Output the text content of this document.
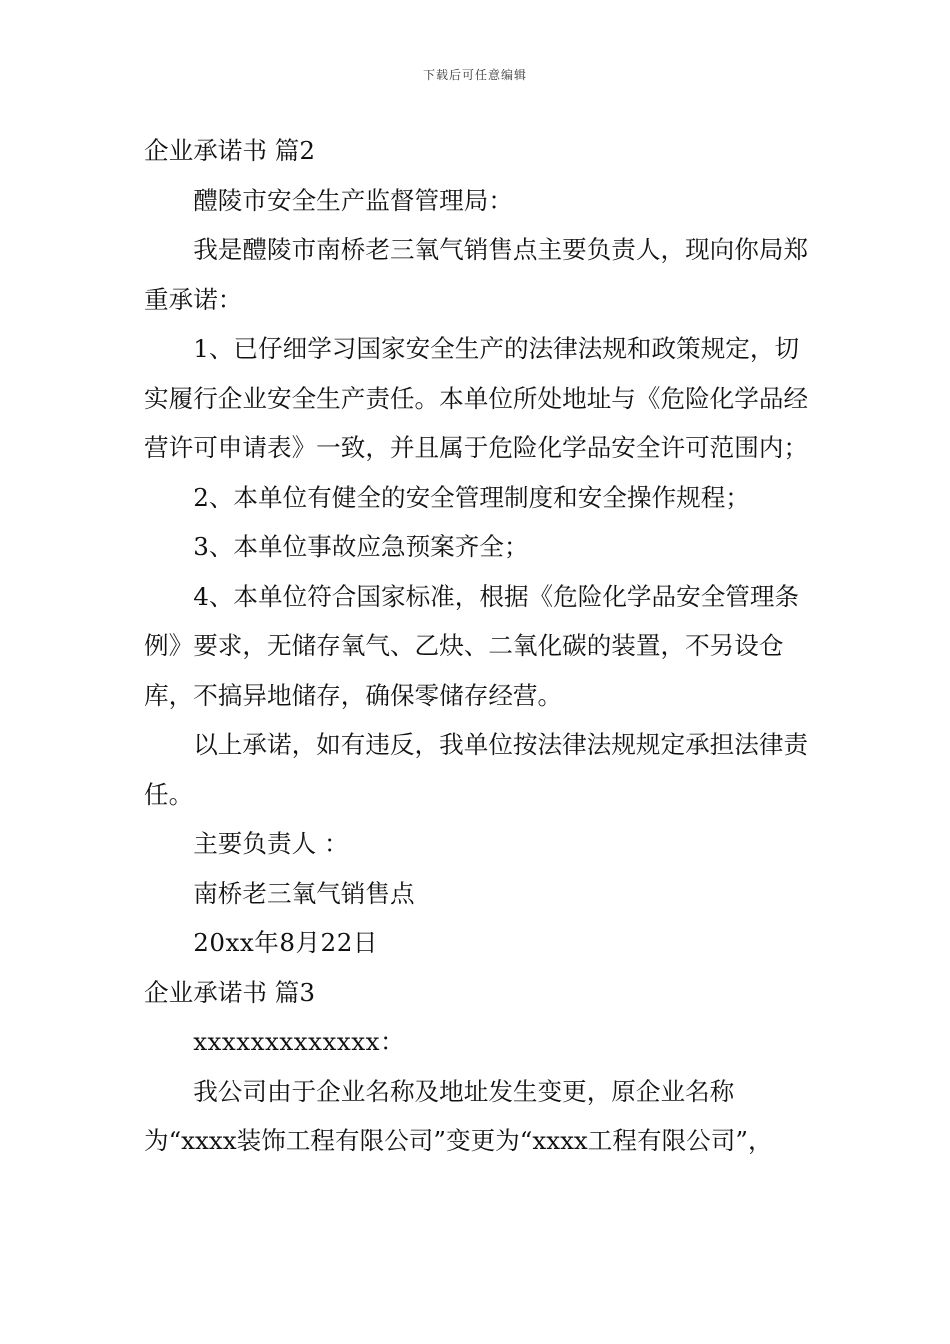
下载后可任意编辑

企业承诺书 篇2

醴陵市安全生产监督管理局：

我是醴陵市南桥老三氧气销售点主要负责人，现向你局郑重承诺：

1、已仔细学习国家安全生产的法律法规和政策规定，切实履行企业安全生产责任。本单位所处地址与《危险化学品经营许可申请表》一致，并且属于危险化学品安全许可范围内；

2、本单位有健全的安全管理制度和安全操作规程；

3、本单位事故应急预案齐全；

4、本单位符合国家标准，根据《危险化学品安全管理条例》要求，无储存氧气、乙炔、二氧化碳的装置，不另设仓库，不搞异地储存，确保零储存经营。

以上承诺，如有违反，我单位按法律法规规定承担法律责任。

主要负责人 ：

南桥老三氧气销售点

20xx年8月22日

企业承诺书 篇3

xxxxxxxxxxxxx：

我公司由于企业名称及地址发生变更，原企业名称为“xxxx装饰工程有限公司”变更为“xxxx工程有限公司”，
